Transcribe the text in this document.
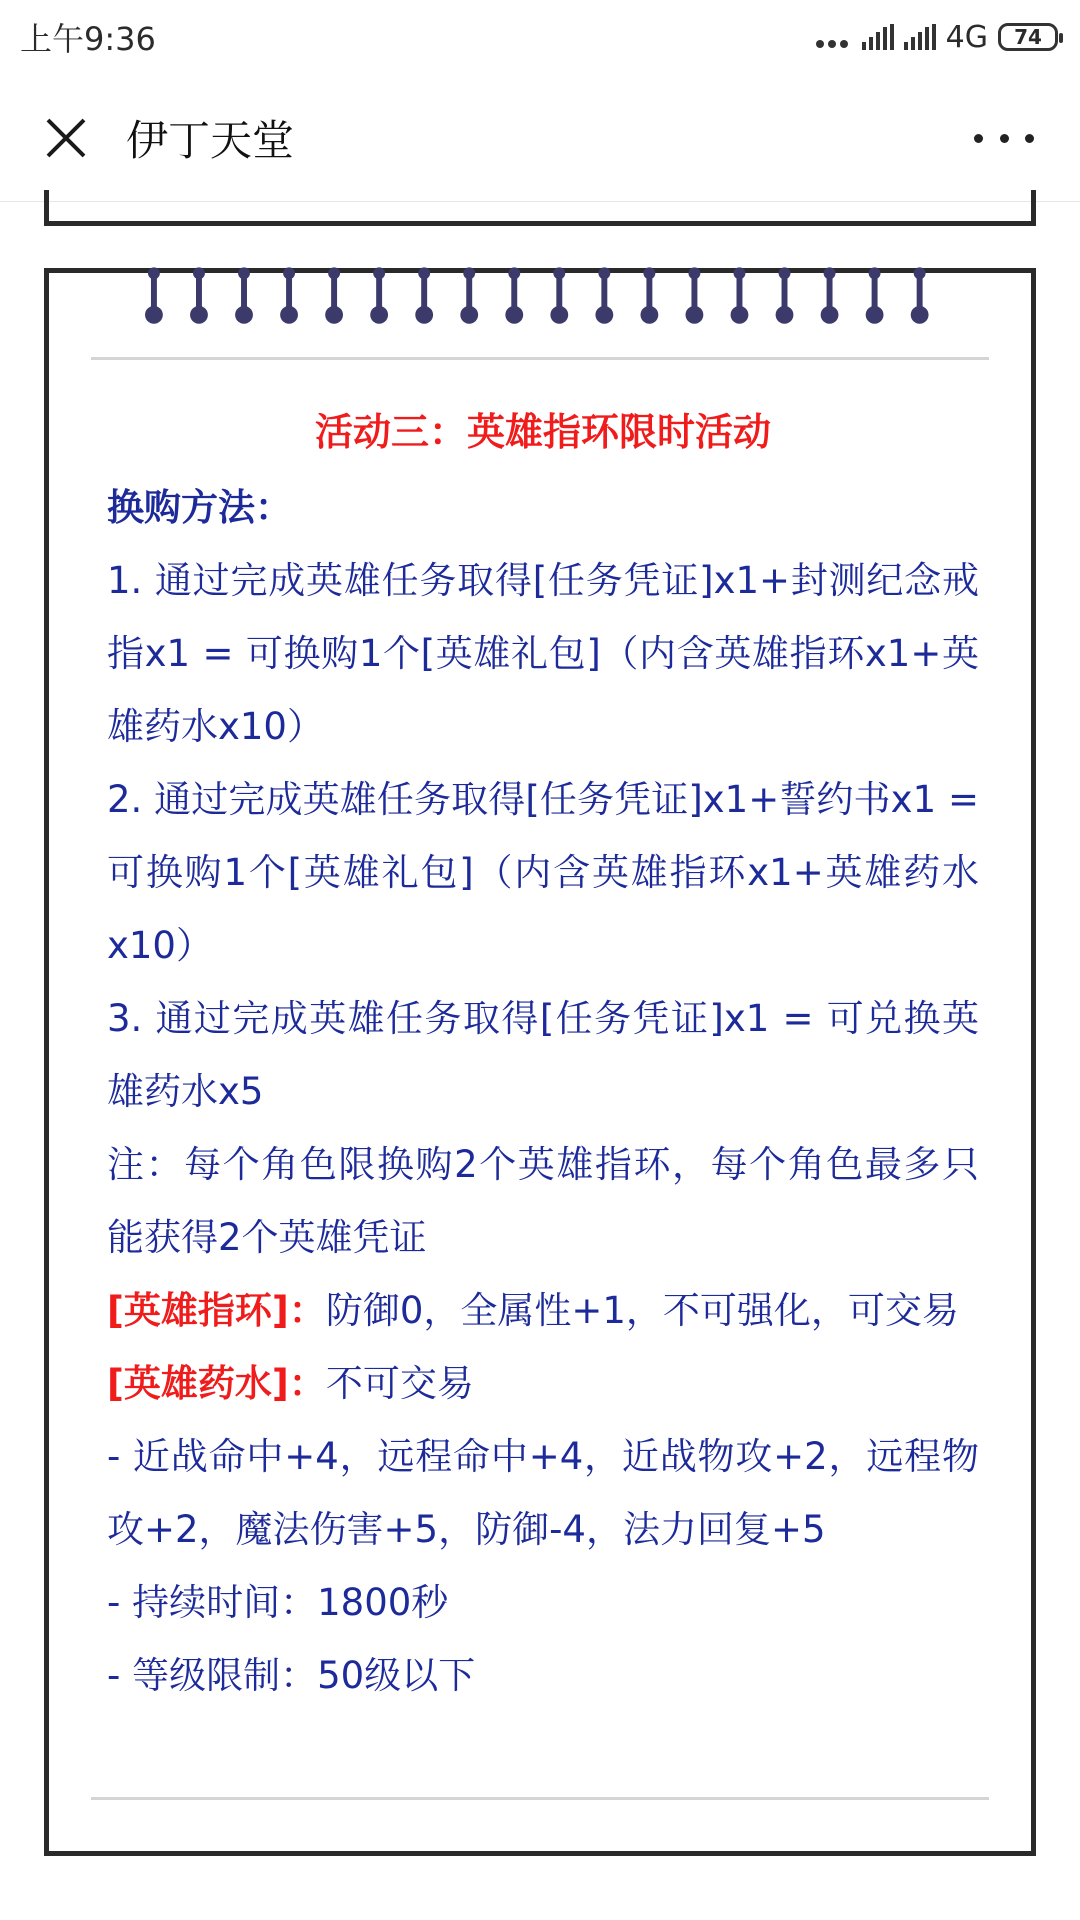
上午9:36	4G 74
伊丁天堂
活动三：英雄指环限时活动
换购方法：
1. 通过完成英雄任务取得[任务凭证]x1+封测纪念戒指x1 = 可换购1个[英雄礼包]（内含英雄指环x1+英雄药水x10）
2. 通过完成英雄任务取得[任务凭证]x1+誓约书x1 = 可换购1个[英雄礼包]（内含英雄指环x1+英雄药水x10）
3. 通过完成英雄任务取得[任务凭证]x1 = 可兑换英雄药水x5
注：每个角色限换购2个英雄指环，每个角色最多只能获得2个英雄凭证
[英雄指环]：防御0，全属性+1，不可强化，可交易
[英雄药水]：不可交易
- 近战命中+4，远程命中+4，近战物攻+2，远程物攻+2，魔法伤害+5，防御-4，法力回复+5
- 持续时间：1800秒
- 等级限制：50级以下
